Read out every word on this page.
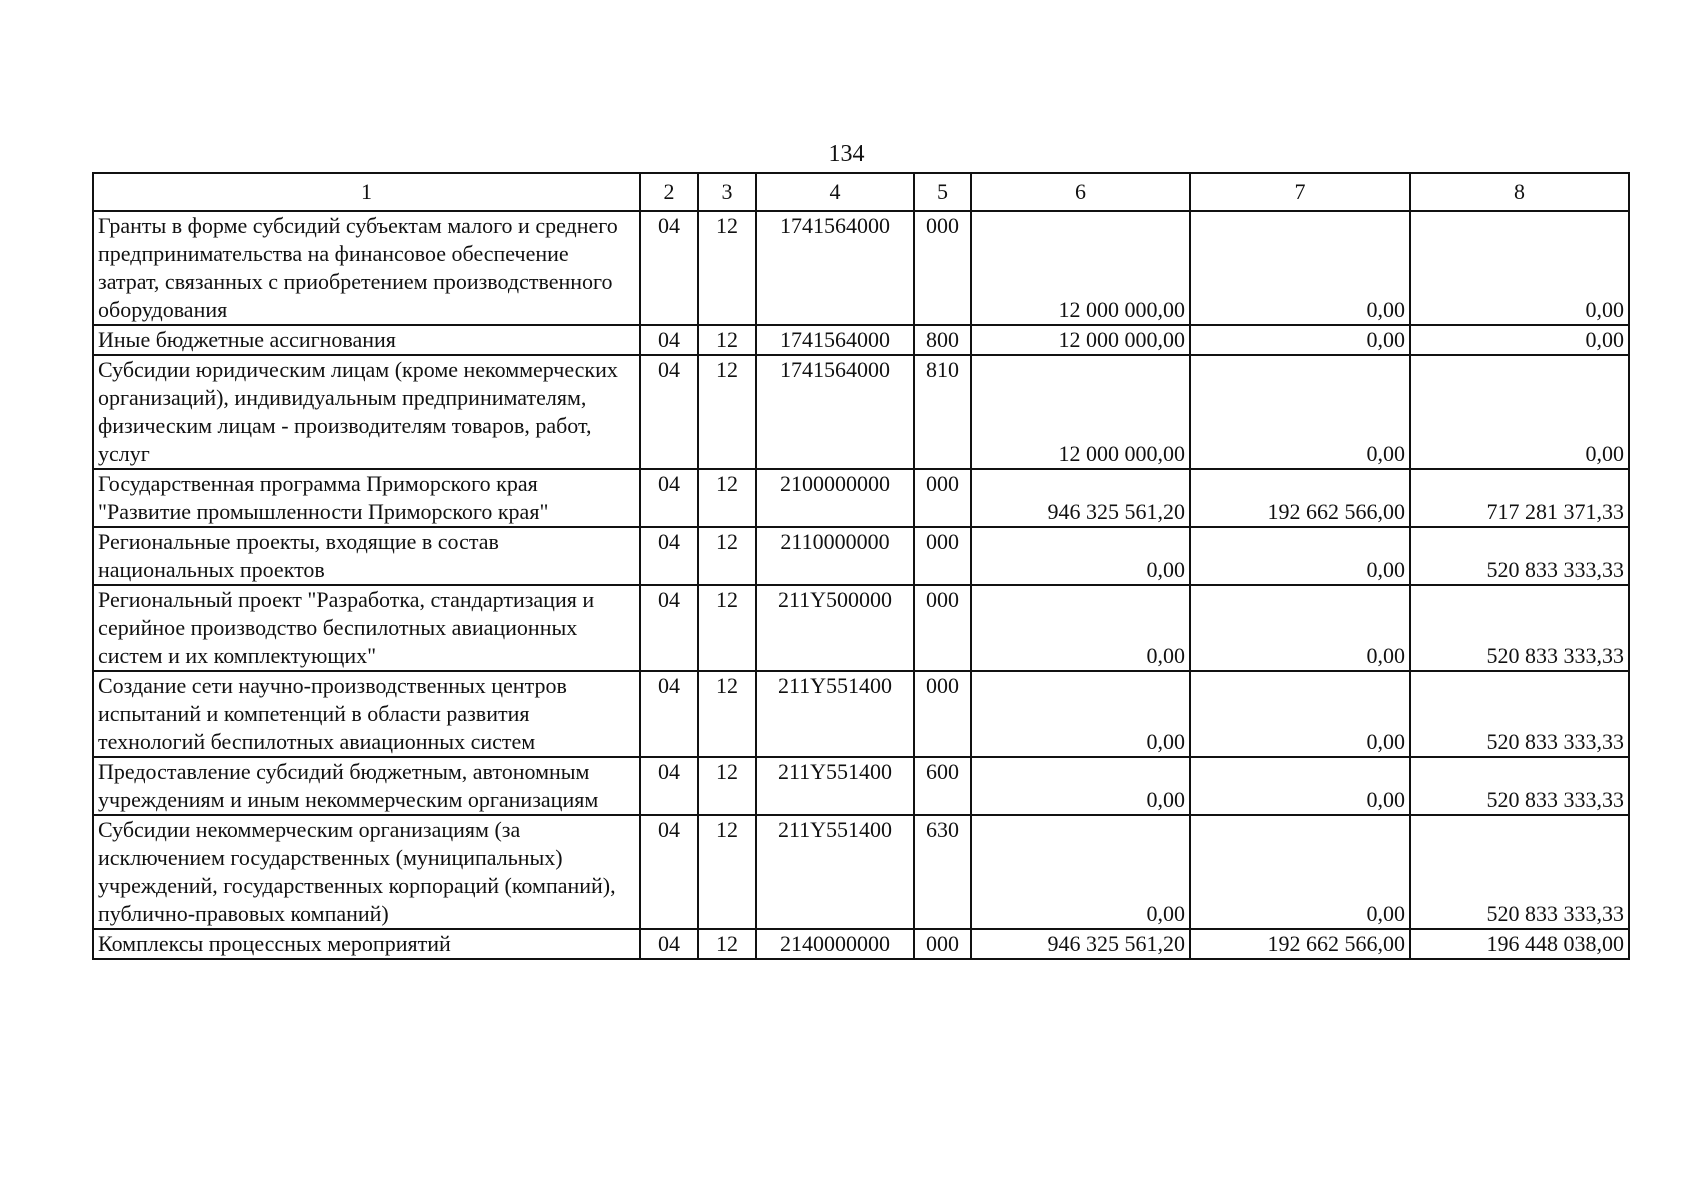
134
1	2	3	4	5	6	7	8
Гранты в форме субсидий субъектам малого и среднего предпринимательства на финансовое обеспечение затрат, связанных с приобретением производственного оборудования	04	12	1741564000	000	12 000 000,00	0,00	0,00
Иные бюджетные ассигнования	04	12	1741564000	800	12 000 000,00	0,00	0,00
Субсидии юридическим лицам (кроме некоммерческих организаций), индивидуальным предпринимателям, физическим лицам - производителям товаров, работ, услуг	04	12	1741564000	810	12 000 000,00	0,00	0,00
Государственная программа Приморского края "Развитие промышленности Приморского края"	04	12	2100000000	000	946 325 561,20	192 662 566,00	717 281 371,33
Региональные проекты, входящие в состав национальных проектов	04	12	2110000000	000	0,00	0,00	520 833 333,33
Региональный проект "Разработка, стандартизация и серийное производство беспилотных авиационных систем и их комплектующих"	04	12	211Y500000	000	0,00	0,00	520 833 333,33
Создание сети научно-производственных центров испытаний и компетенций в области развития технологий беспилотных авиационных систем	04	12	211Y551400	000	0,00	0,00	520 833 333,33
Предоставление субсидий бюджетным, автономным учреждениям и иным некоммерческим организациям	04	12	211Y551400	600	0,00	0,00	520 833 333,33
Субсидии некоммерческим организациям (за исключением государственных (муниципальных) учреждений, государственных корпораций (компаний), публично-правовых компаний)	04	12	211Y551400	630	0,00	0,00	520 833 333,33
Комплексы процессных мероприятий	04	12	2140000000	000	946 325 561,20	192 662 566,00	196 448 038,00
